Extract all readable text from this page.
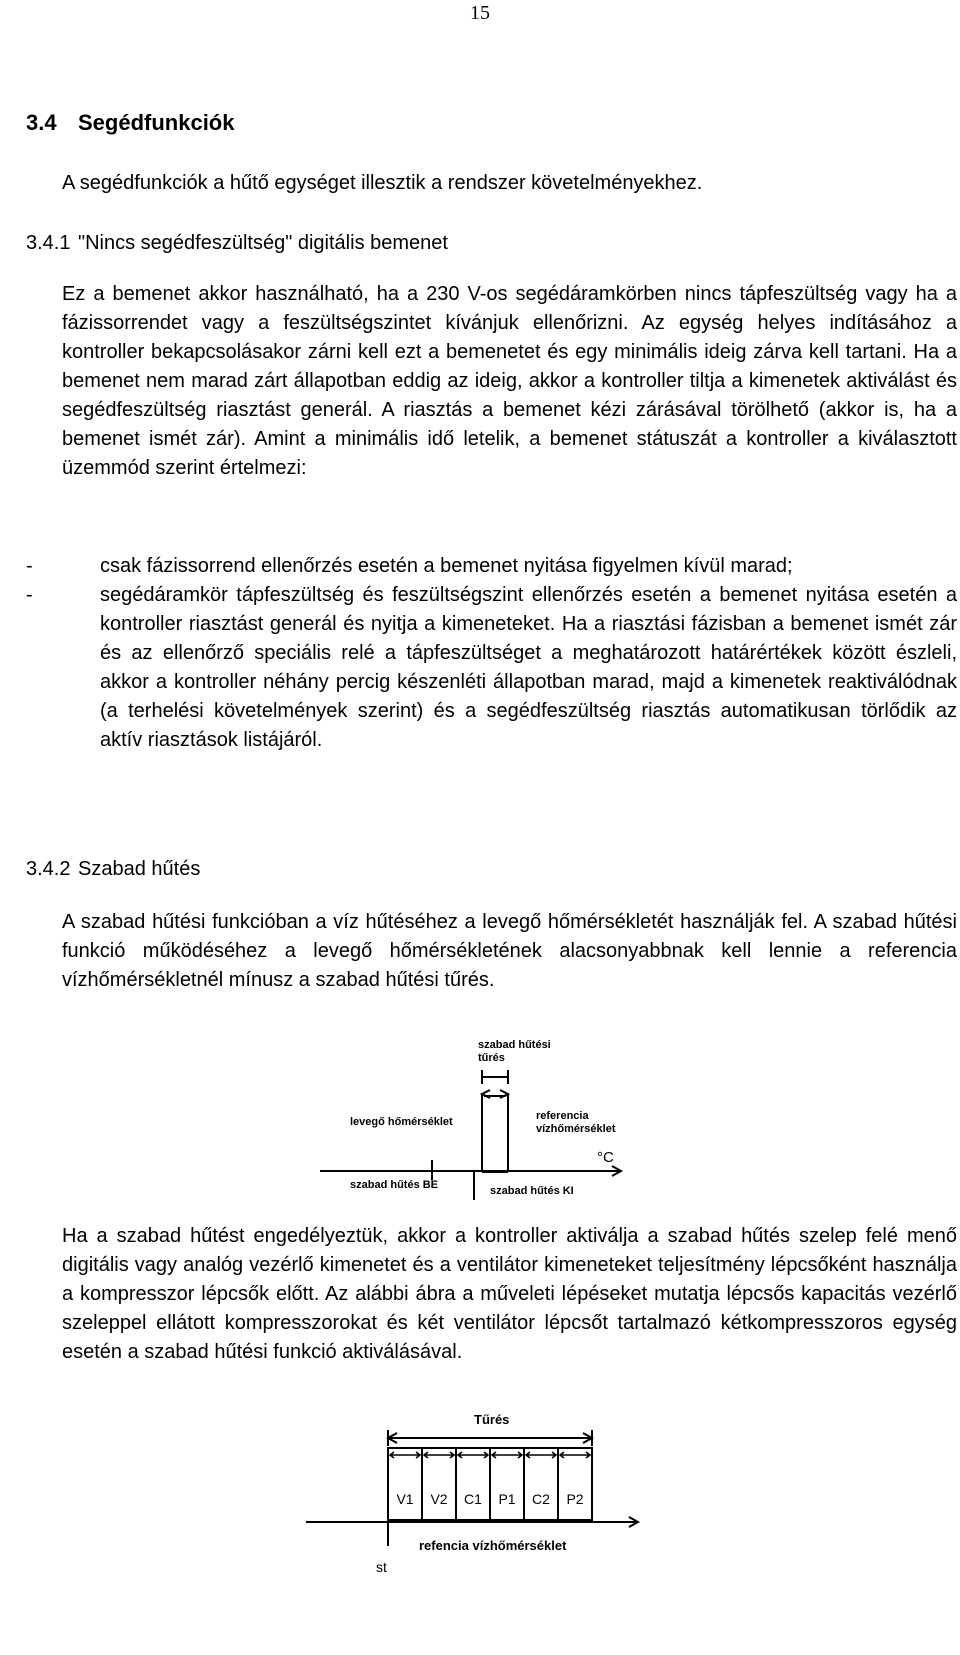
15
3.4 Segédfunkciók
A segédfunkciók a hűtő egységet illesztik a rendszer követelményekhez.
3.4.1 "Nincs segédfeszültség" digitális bemenet
Ez a bemenet akkor használható, ha a 230 V-os segédáramkörben nincs tápfeszültség vagy ha a fázissorrendet vagy a feszültségszintet kívánjuk ellenőrizni. Az egység helyes indításához a kontroller bekapcsolásakor zárni kell ezt a bemenetet és egy minimális ideig zárva kell tartani. Ha a bemenet nem marad zárt állapotban eddig az ideig, akkor a kontroller tiltja a kimenetek aktiválást és segédfeszültség riasztást generál. A riasztás a bemenet kézi zárásával törölhető (akkor is, ha a bemenet ismét zár). Amint a minimális idő letelik, a bemenet státuszát a kontroller a kiválasztott üzemmód szerint értelmezi:
-	csak fázissorrend ellenőrzés esetén a bemenet nyitása figyelmen kívül marad;
-	segédáramkör tápfeszültség és feszültségszint ellenőrzés esetén a bemenet nyitása esetén a kontroller riasztást generál és nyitja a kimeneteket. Ha a riasztási fázisban a bemenet ismét zár és az ellenőrző speciális relé a tápfeszültséget a meghatározott határértékek között észleli, akkor a kontroller néhány percig készenléti állapotban marad, majd a kimenetek reaktiválódnak (a terhelési követelmények szerint) és a segédfeszültség riasztás automatikusan törlődik az aktív riasztások listájáról.
3.4.2 Szabad hűtés
A szabad hűtési funkcióban a víz hűtéséhez a levegő hőmérsékletét használják fel. A szabad hűtési funkció működéséhez a levegő hőmérsékletének alacsonyabbnak kell lennie a referencia vízhőmérsékletnél mínusz a szabad hűtési tűrés.
szabad hűtési
tűrés
levegő hőmérséklet	referencia
vízhőmérséklet
°C
szabad hűtés BE	szabad hűtés KI
Ha a szabad hűtést engedélyeztük, akkor a kontroller aktiválja a szabad hűtés szelep felé menő digitális vagy analóg vezérlő kimenetet és a ventilátor kimeneteket teljesítmény lépcsőként használja a kompresszor lépcsők előtt. Az alábbi ábra a műveleti lépéseket mutatja lépcsős kapacitás vezérlő szeleppel ellátott kompresszorokat és két ventilátor lépcsőt tartalmazó kétkompresszoros egység esetén a szabad hűtési funkció aktiválásával.
Tűrés
V1 V2 C1 P1 C2 P2
refencia vízhőmérséklet
st
